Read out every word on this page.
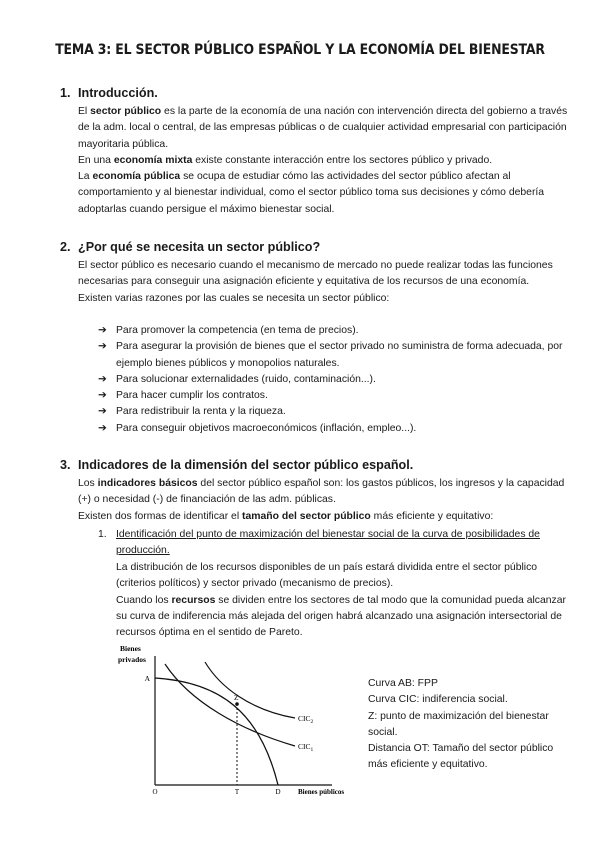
TEMA 3: EL SECTOR PÚBLICO ESPAÑOL Y LA ECONOMÍA DEL BIENESTAR
1. Introducción.

El sector público es la parte de la economía de una nación con intervención directa del gobierno a través de la adm. local o central, de las empresas públicas o de cualquier actividad empresarial con participación mayoritaria pública.

En una economía mixta existe constante interacción entre los sectores público y privado.

La economía pública se ocupa de estudiar cómo las actividades del sector público afectan al comportamiento y al bienestar individual, como el sector público toma sus decisiones y cómo debería adoptarlas cuando persigue el máximo bienestar social.

2. ¿Por qué se necesita un sector público?

El sector público es necesario cuando el mecanismo de mercado no puede realizar todas las funciones necesarias para conseguir una asignación eficiente y equitativa de los recursos de una economía.

Existen varias razones por las cuales se necesita un sector público:

➔ Para promover la competencia (en tema de precios).
➔ Para asegurar la provisión de bienes que el sector privado no suministra de forma adecuada, por ejemplo bienes públicos y monopolios naturales.
➔ Para solucionar externalidades (ruido, contaminación...).
➔ Para hacer cumplir los contratos.
➔ Para redistribuir la renta y la riqueza.
➔ Para conseguir objetivos macroeconómicos (inflación, empleo...).
3. Indicadores de la dimensión del sector público español.

Los indicadores básicos del sector público español son: los gastos públicos, los ingresos y la capacidad (+) o necesidad (-) de financiación de las adm. públicas.

Existen dos formas de identificar el tamaño del sector público más eficiente y equitativo:

1. Identificación del punto de maximización del bienestar social de la curva de posibilidades de producción.

La distribución de los recursos disponibles de un país estará dividida entre el sector público (criterios políticos) y sector privado (mecanismo de precios).

Cuando los recursos se dividen entre los sectores de tal modo que la comunidad pueda alcanzar su curva de indiferencia más alejada del origen habrá alcanzado una asignación intersectorial de recursos óptima en el sentido de Pareto.

Bienes
privados
A
Z
$CIC_2$
$CIC_1$
O	T	D Bienes públicos

Curva AB: FPP

Curva CIC: indiferencia social.

Z: punto de maximización del bienestar social.

Distancia OT: Tamaño del sector público más eficiente y equitativo.
